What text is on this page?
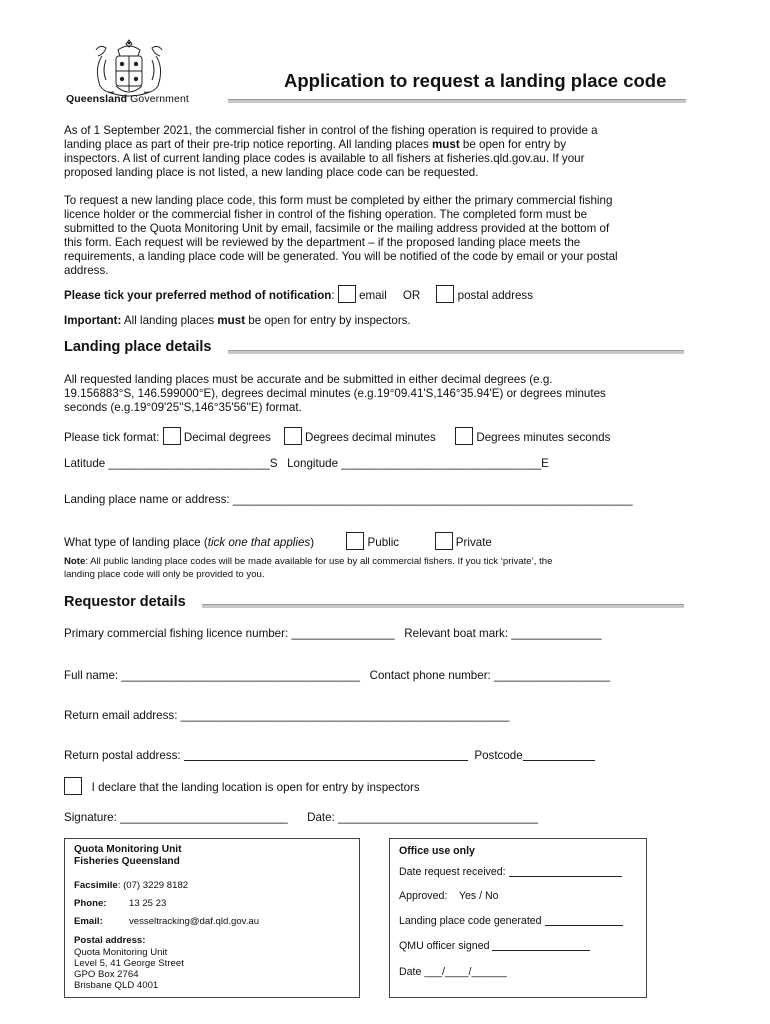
Queensland Government
Application to request a landing place code
As of 1 September 2021, the commercial fisher in control of the fishing operation is required to provide a
landing place as part of their pre-trip notice reporting. All landing places must be open for entry by
inspectors. A list of current landing place codes is available to all fishers at fisheries.qld.gov.au. If your
proposed landing place is not listed, a new landing place code can be requested.
To request a new landing place code, this form must be completed by either the primary commercial fishing
licence holder or the commercial fisher in control of the fishing operation. The completed form must be
submitted to the Quota Monitoring Unit by email, facsimile or the mailing address provided at the bottom of
this form. Each request will be reviewed by the department – if the proposed landing place meets the
requirements, a landing place code will be generated. You will be notified of the code by email or your postal
address.
Please tick your preferred method of notification: email OR	postal address
Important: All landing places must be open for entry by inspectors.
Landing place details
All requested landing places must be accurate and be submitted in either decimal degrees (e.g.
19.156883°S, 146.599000°E), degrees decimal minutes (e.g.19°09.41'S,146°35.94'E) or degrees minutes
seconds (e.g.19°09'25''S,146°35'56''E) format.
Please tick format: Decimal degrees	Degrees decimal minutes	Degrees minutes seconds
Latitude _________________________S Longitude _______________________________E
Landing place name or address: ______________________________________________________________
What type of landing place (tick one that applies)	Public	Private
Note: All public landing place codes will be made available for use by all commercial fishers. If you tick ‘private’, the
landing place code will only be provided to you.
Requestor details
Primary commercial fishing licence number: ________________ Relevant boat mark: ______________
Full name: _____________________________________ Contact phone number: __________________
Return email address: ___________________________________________________
Return postal address:	Postcode
I declare that the landing location is open for entry by inspectors
Signature: __________________________ Date: _______________________________
Quota Monitoring Unit
Fisheries Queensland
Facsimile: (07) 3229 8182
Phone: 13 25 23
Email:	vesseltracking@daf.qld.gov.au
Postal address:
Quota Monitoring Unit
Level 5, 41 George Street
GPO Box 2764
Brisbane QLD 4001
Office use only
Date request received:
Approved: Yes / No
Landing place code generated
QMU officer signed
Date ___/____/______
